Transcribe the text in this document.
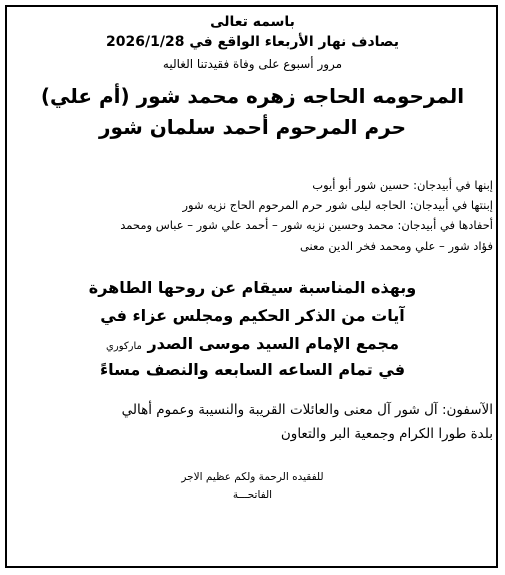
باسمه تعالى

يصادف نهار الأربعاء الواقع في 2026/1/28

مرور أسبوع على وفاة فقيدتنا الغاليه

المرحومه الحاجه زهره محمد شور (أم علي)

حرم المرحوم أحمد سلمان شور

إبنها في أبيدجان: حسين شور أبو أيوب

إبنتها في أبيدجان: الحاجه ليلى شور حرم المرحوم الحاج نزيه شور

أحفادها في أبيدجان: محمد وحسين نزيه شور – أحمد علي شور – عباس ومحمد

فؤاد شور – علي ومحمد فخر الدين معنى

وبهذه المناسبة سيقام عن روحها الطاهرة

آيات من الذكر الحكيم ومجلس عزاء في

مجمع الإمام السيد موسى الصدر ماركوري

في تمام الساعه السابعه والنصف مساءً

الآسفون: آل شور آل معنى والعائلات القريبة والنسيبة وعموم أهالي

بلدة طورا الكرام وجمعية البر والتعاون

للفقيده الرحمة ولكم عظيم الاجر

الفاتحـــة
